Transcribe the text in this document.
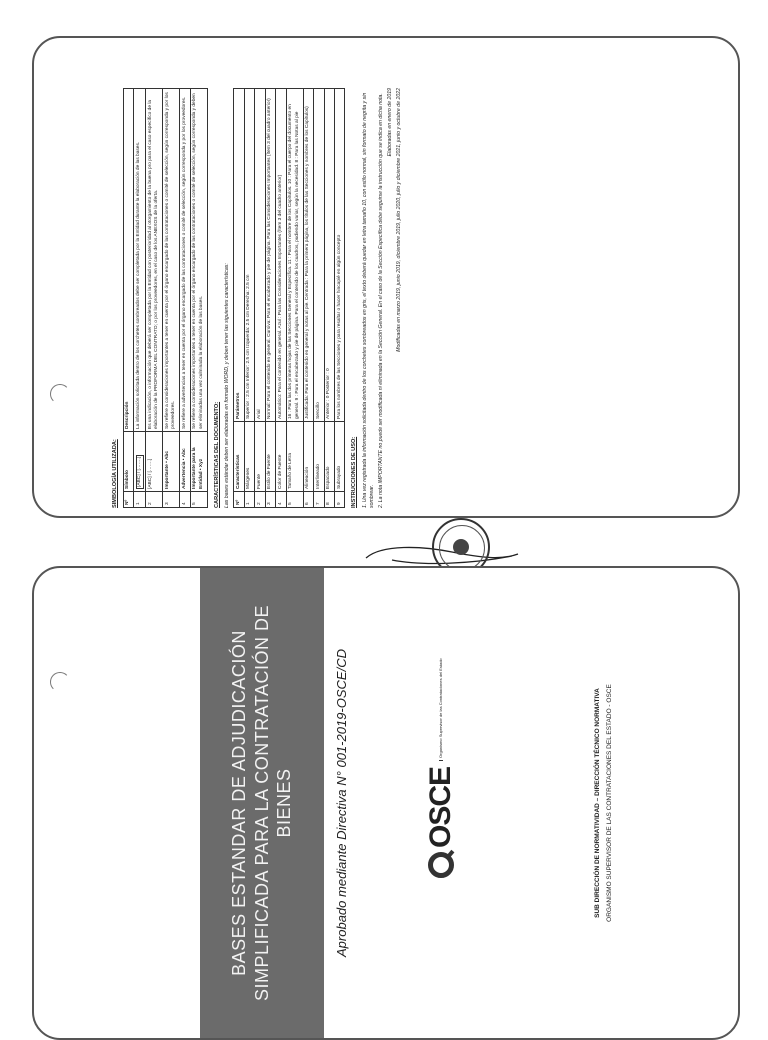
SIMBOLOGÍA UTILIZADA:	Nº	Símbolo	Descripción
1	[ABC] / […….]	La información solicitada dentro de los corchetes sombreados debe ser completada por la Entidad durante la elaboración de las bases.
2	[ABC] / […….]	Es una indicación, o información que deberá ser completada por la Entidad con posterioridad al otorgamiento de la buena pro para el caso específico de la elaboración de la PROFORMA DEL CONTRATO; o por los proveedores, en el caso de los ANEXOS de la oferta.
3	Importante • Abc	Se refiere a consideraciones importantes a tener en cuenta por el órgano encargado de las contrataciones o comité de selección, según corresponda y por los proveedores.
4	Advertencia • Abc	Se refiere a advertencias a tener en cuenta por el órgano encargado de las contrataciones o comité de selección, según corresponda y por los proveedores.
5	Importante para la Entidad • Xyz	Se refiere a consideraciones importantes a tener en cuenta por el órgano encargado de las contrataciones o comité de selección, según corresponda y deben ser eliminadas una vez culminada la elaboración de las bases.
CARACTERÍSTICAS DEL DOCUMENTO: Las bases estándar deben ser elaboradas en formato WORD, y deben tener las siguientes características: Nº	Características	Parámetros
1	Márgenes	Superior : 2.5 cm Inferior: 2.5 cm Izquierda: 2.5 cm Derecha: 2.5 cm
2	Fuente	Arial
3	Estilo de Fuente	Normal: Para el contenido en general. Cursiva: Para el encabezado y pie de página. Para las Consideraciones Importantes (Ítem 3 del cuadro anterior)
4	Color de Fuente	Automático: Para el contenido en general. Azul : Para las Consideraciones Importantes (Ítem 3 del cuadro anterior)
5	Tamaño de Letra	16 : Para las dos primeras hojas de las Secciones General y Específica. 11 : Para el nombre de los Capítulos. 10 : Para el cuerpo del documento en general. 9 : Para el encabezado y pie de página. Para el contenido de los cuadros, pudiendo variar, según la necesidad. 8 : Para las Notas al pie
6	Alineación	Justificada: Para el contenido en general y notas al pie. Centrada : Para la primera página, los títulos de las Secciones y nombres de los Capítulos)
7	Interlineado	Sencillo
8	Espaciado	Anterior : 0 Posterior : 0
9	Subrayado	Para los nombres de las Secciones y para resaltar o hacer hincapié en algún concepto
INSTRUCCIONES DE USO: 1. Una vez registrada la información solicitada dentro de los corchetes sombreados en gris, el texto deberá quedar en letra tamaño 10, con estilo normal, sin formato de negrita y sin sombrear. 2. La nota IMPORTANTE no puede ser modificada ni eliminada en la Sección General. En el caso de la Sección Específica debe seguirse la instrucción que se indica en dicha nota. Elaboradas en enero de 2019 Modificadas en marzo 2019, junio 2019, diciembre 2019, julio 2020, julio y diciembre 2021, junio y octubre de 2022

BASES ESTANDAR DE ADJUDICACIÓN SIMPLIFICADA PARA LA CONTRATACIÓN DE BIENES	Aprobado mediante Directiva N° 001-2019-OSCE/CD	OSCE
Organismo Supervisor de las Contrataciones del Estado	SUB DIRECCIÓN DE NORMATIVIDAD – DIRECCIÓN TÉCNICO NORMATIVA ORGANISMO SUPERVISOR DE LAS CONTRATACIONES DEL ESTADO - OSCE
